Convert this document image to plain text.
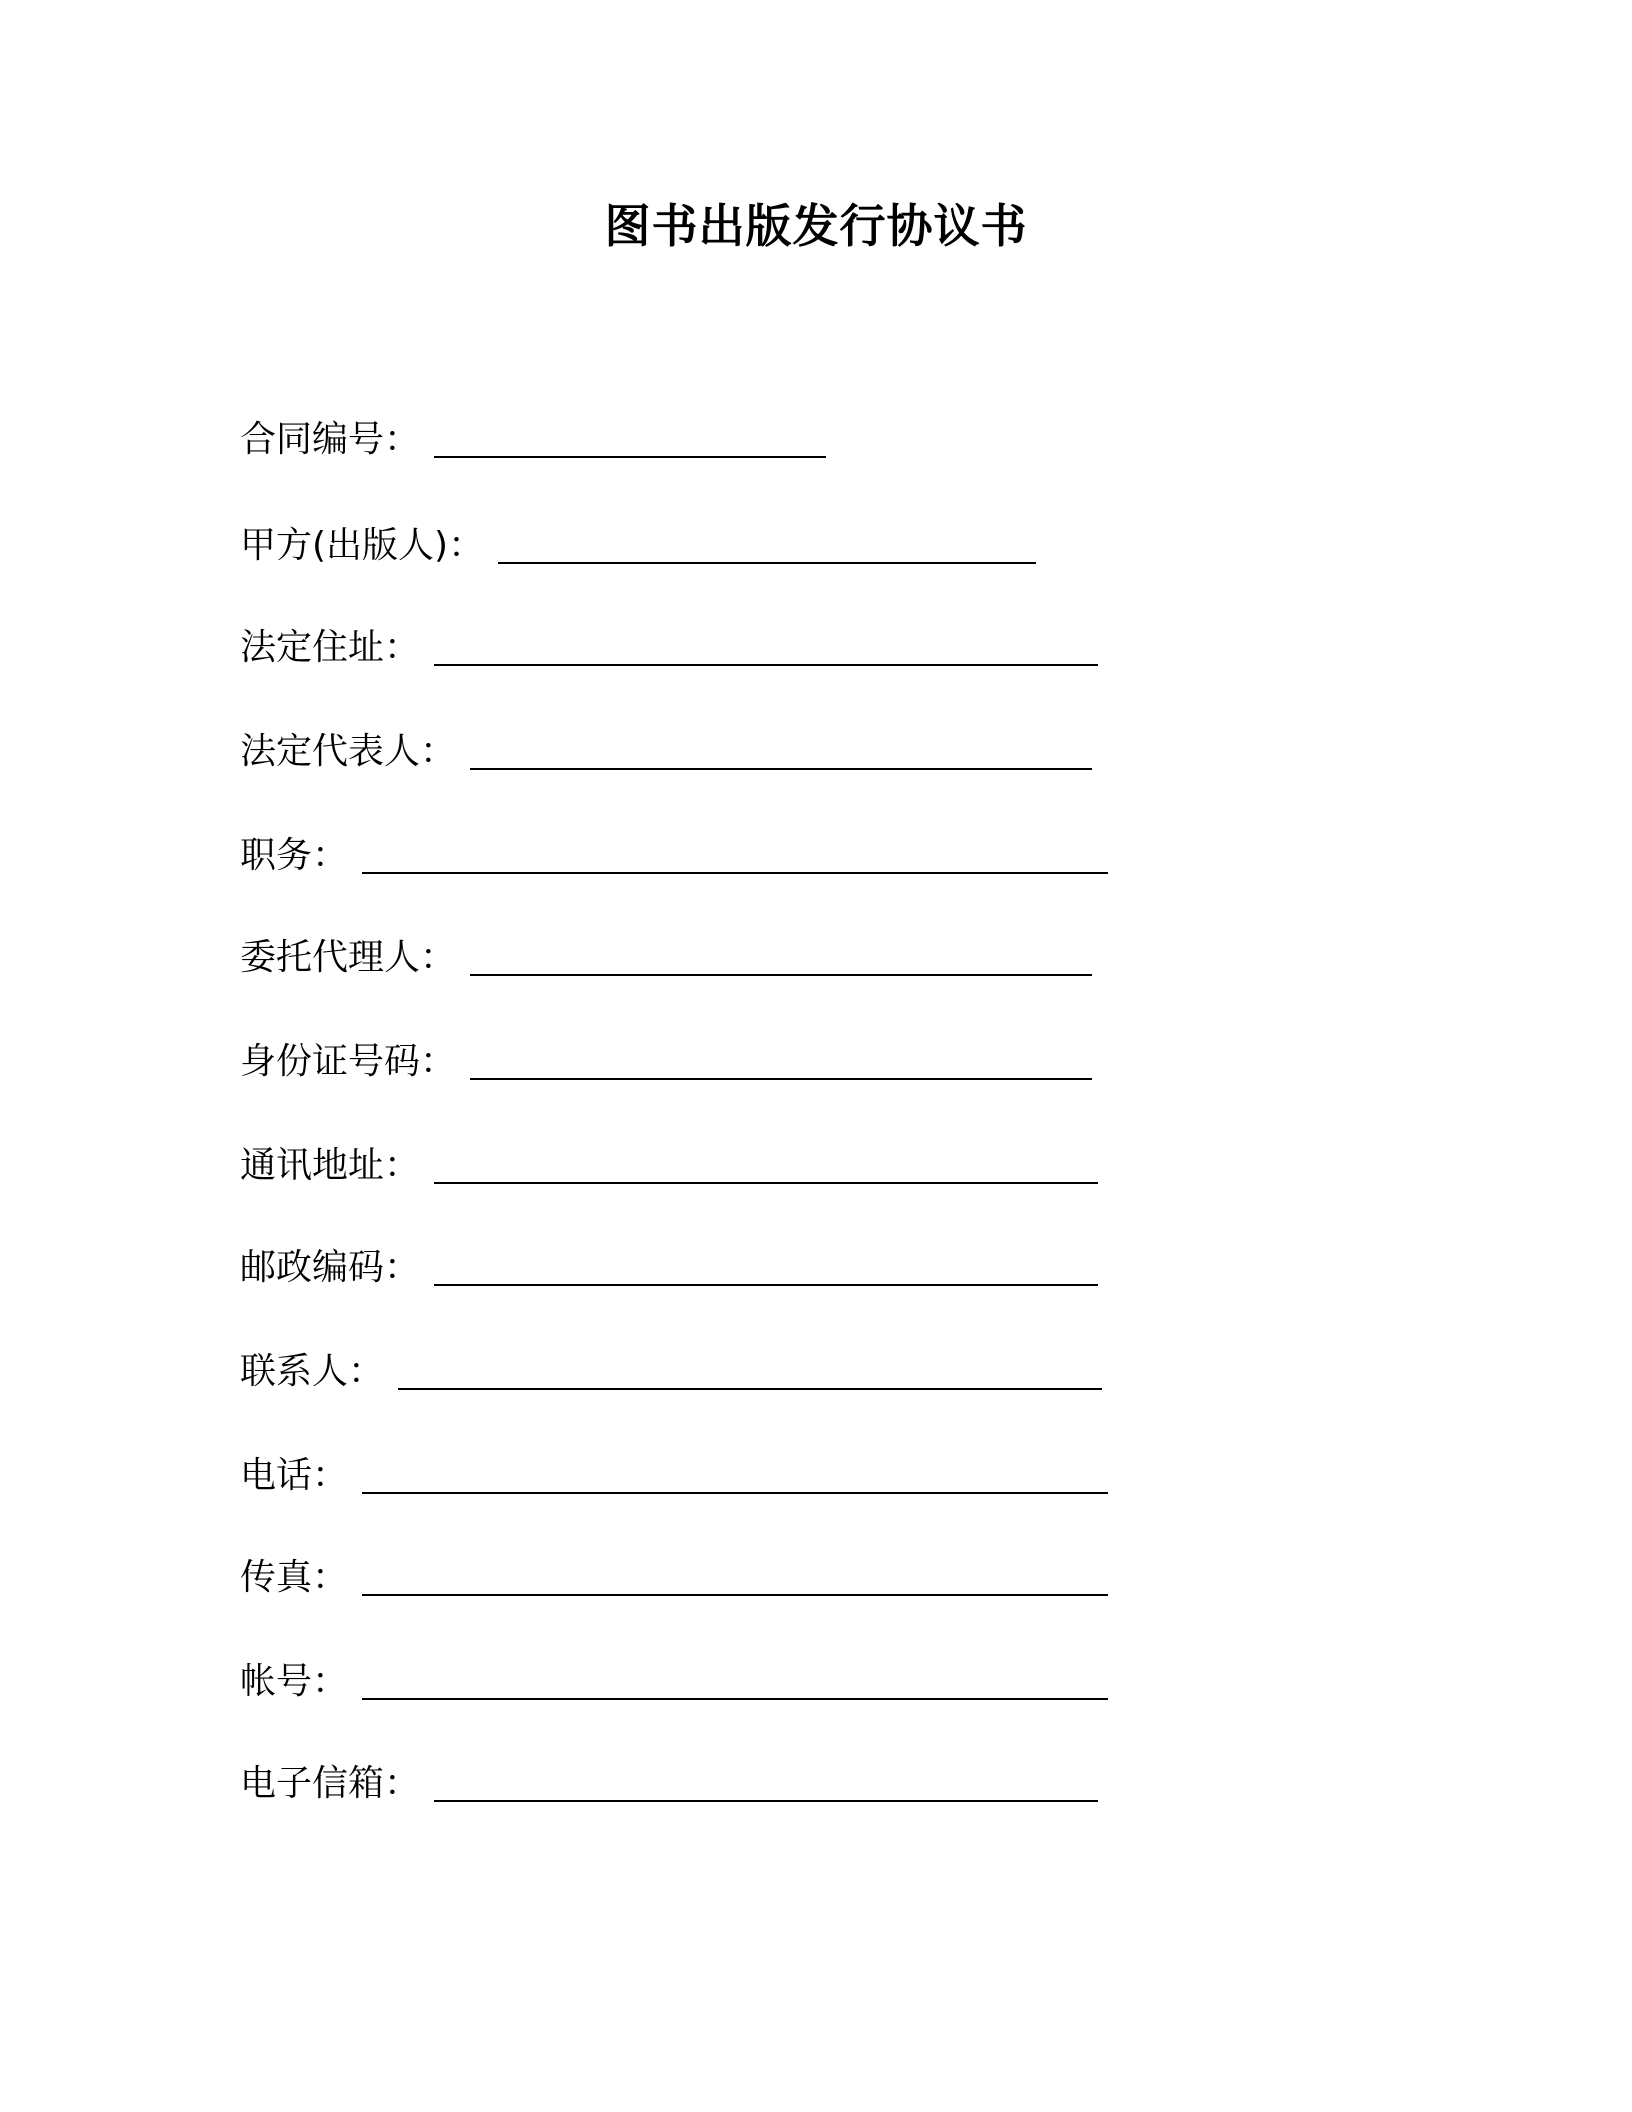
图书出版发行协议书
合同编号：
甲方(出版人)：
法定住址：
法定代表人：
职务：
委托代理人：
身份证号码：
通讯地址：
邮政编码：
联系人：
电话：
传真：
帐号：
电子信箱：
